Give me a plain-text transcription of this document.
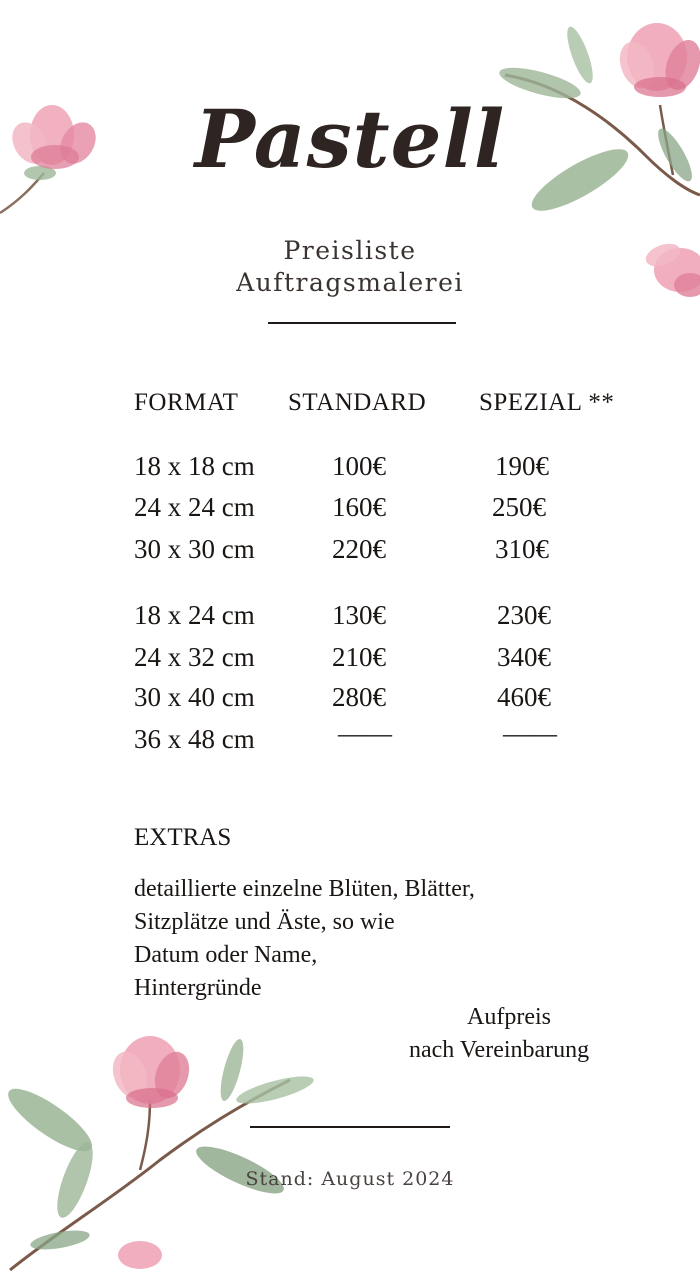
Pastell
Preisliste
Auftragsmalerei
FORMAT STANDARD SPEZIAL **
18 x 18 cm	100€	190€
24 x 24 cm	160€	250€
30 x 30 cm	220€	310€
18 x 24 cm	130€	230€
24 x 32 cm	210€	340€
30 x 40 cm	280€	460€
36 x 48 cm	——	——
EXTRAS
detaillierte einzelne Blüten, Blätter,
Sitzplätze und Äste, so wie
Datum oder Name,
Hintergründe
Aufpreis
nach Vereinbarung
Stand: August 2024
